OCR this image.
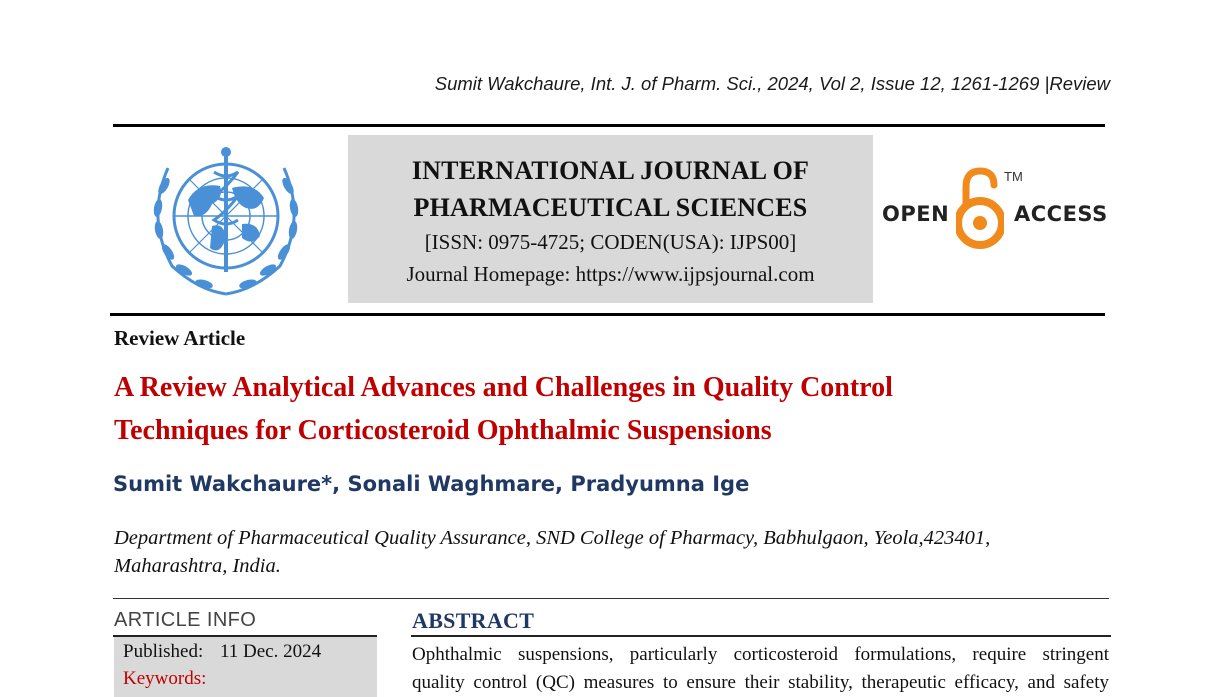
Sumit Wakchaure, Int. J. of Pharm. Sci., 2024, Vol 2, Issue 12, 1261-1269 |Review
INTERNATIONAL JOURNAL OF
PHARMACEUTICAL SCIENCES
[ISSN: 0975-4725; CODEN(USA): IJPS00]
Journal Homepage: https://www.ijpsjournal.com
OPEN
TM
ACCESS
Review Article
A Review Analytical Advances and Challenges in Quality Control
Techniques for Corticosteroid Ophthalmic Suspensions
Sumit Wakchaure*, Sonali Waghmare, Pradyumna Ige
Department of Pharmaceutical Quality Assurance, SND College of Pharmacy, Babhulgaon, Yeola,423401,
Maharashtra, India.
ARTICLE INFO
Published: 11 Dec. 2024
Keywords:
ABSTRACT
Ophthalmic suspensions, particularly corticosteroid formulations, require stringent
quality control (QC) measures to ensure their stability, therapeutic efficacy, and safety
